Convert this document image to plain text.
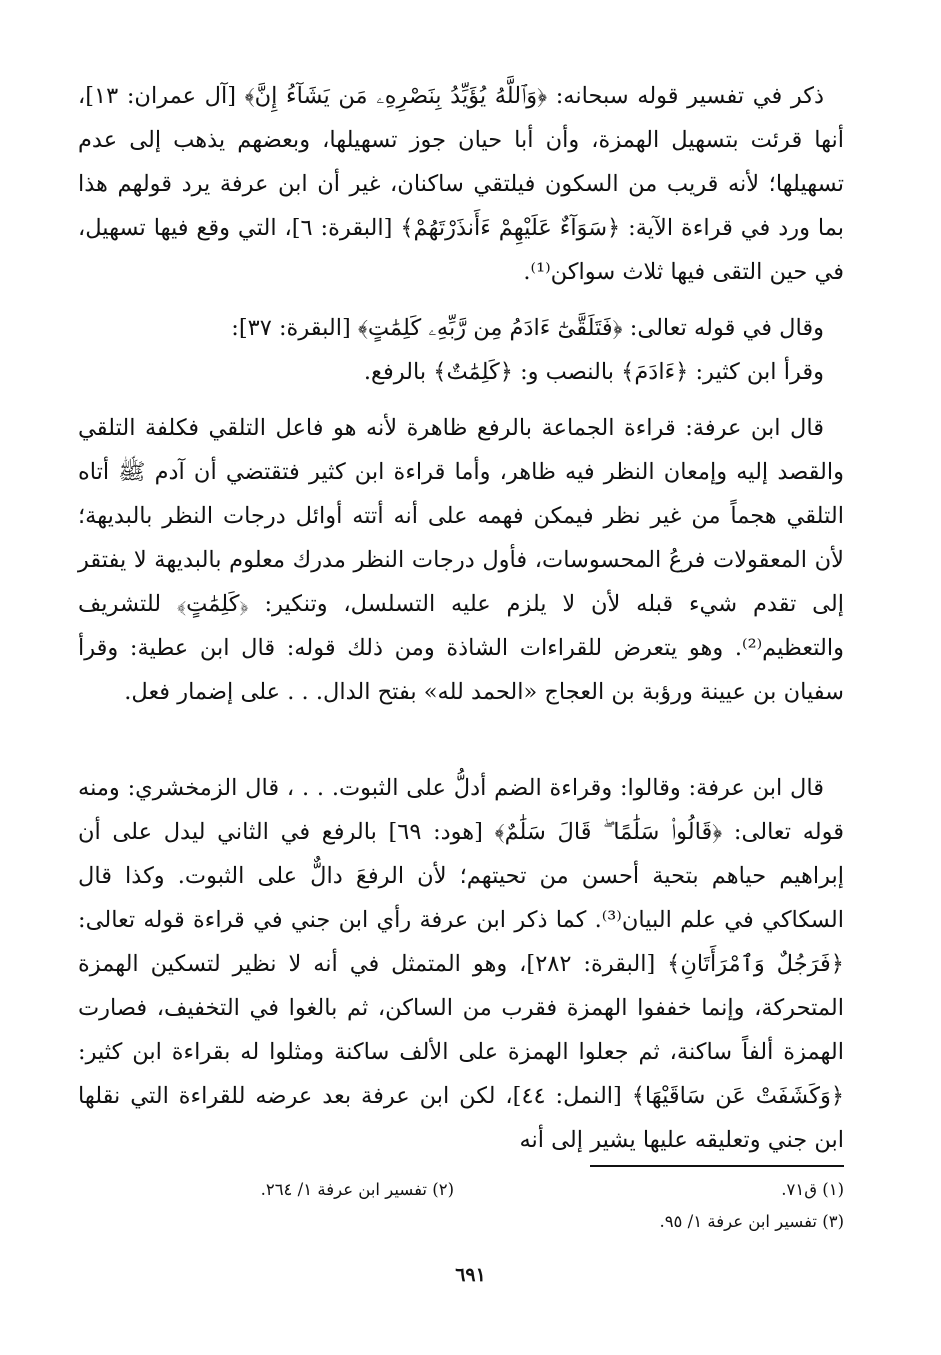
ذكر في تفسير قوله سبحانه: ﴿وَٱللَّهُ يُؤَيِّدُ بِنَصْرِهِۦ مَن يَشَآءُ إِنَّ﴾ [آل عمران: ١٣]، أنها قرئت بتسهيل الهمزة، وأن أبا حيان جوز تسهيلها، وبعضهم يذهب إلى عدم تسهيلها؛ لأنه قريب من السكون فيلتقي ساكنان، غير أن ابن عرفة يرد قولهم هذا بما ورد في قراءة الآية: ﴿سَوَآءٌ عَلَيْهِمْ ءَأَنذَرْتَهُمْ﴾ [البقرة: ٦]، التي وقع فيها تسهيل، في حين التقى فيها ثلاث سواكن⁽¹⁾.

وقال في قوله تعالى: ﴿فَتَلَقَّىٰٓ ءَادَمُ مِن رَّبِّهِۦ كَلِمَٰتٍ﴾ [البقرة: ٣٧]:

وقرأ ابن كثير: ﴿ءَادَمَ﴾ بالنصب و: ﴿كَلِمَٰتٌ﴾ بالرفع.

قال ابن عرفة: قراءة الجماعة بالرفع ظاهرة لأنه هو فاعل التلقي فكلفة التلقي والقصد إليه وإمعان النظر فيه ظاهر، وأما قراءة ابن كثير فتقتضي أن آدم ﷺ أتاه التلقي هجماً من غير نظر فيمكن فهمه على أنه أتته أوائل درجات النظر بالبديهة؛ لأن المعقولات فرعُ المحسوسات، فأول درجات النظر مدرك معلوم بالبديهة لا يفتقر إلى تقدم شيء قبله لأن لا يلزم عليه التسلسل، وتنكير: ﴿كَلِمَٰتٍ﴾ للتشريف والتعظيم⁽²⁾. وهو يتعرض للقراءات الشاذة ومن ذلك قوله: قال ابن عطية: وقرأ سفيان بن عيينة ورؤبة بن العجاج «الحمد لله» بفتح الدال. . . على إضمار فعل.

قال ابن عرفة: وقالوا: وقراءة الضم أدلُّ على الثبوت. . . ، قال الزمخشري: ومنه قوله تعالى: ﴿قَالُوا۟ سَلَٰمًا ۖ قَالَ سَلَٰمٌ﴾ [هود: ٦٩] بالرفع في الثاني ليدل على أن إبراهيم حياهم بتحية أحسن من تحيتهم؛ لأن الرفعَ دالٌّ على الثبوت. وكذا قال السكاكي في علم البيان⁽³⁾. كما ذكر ابن عرفة رأي ابن جني في قراءة قوله تعالى: ﴿فَرَجُلٌ وَٱمْرَأَتَانِ﴾ [البقرة: ٢٨٢]، وهو المتمثل في أنه لا نظير لتسكين الهمزة المتحركة، وإنما خففوا الهمزة فقرب من الساكن، ثم بالغوا في التخفيف، فصارت الهمزة ألفاً ساكنة، ثم جعلوا الهمزة على الألف ساكنة ومثلوا له بقراءة ابن كثير: ﴿وَكَشَفَتْ عَن سَاقَيْهَا﴾ [النمل: ٤٤]، لكن ابن عرفة بعد عرضه للقراءة التي نقلها ابن جني وتعليقه عليها يشير إلى أنه

(١) ق٧١.
(٢) تفسير ابن عرفة ١/ ٢٦٤.
(٣) تفسير ابن عرفة ١/ ٩٥.
٦٩١
